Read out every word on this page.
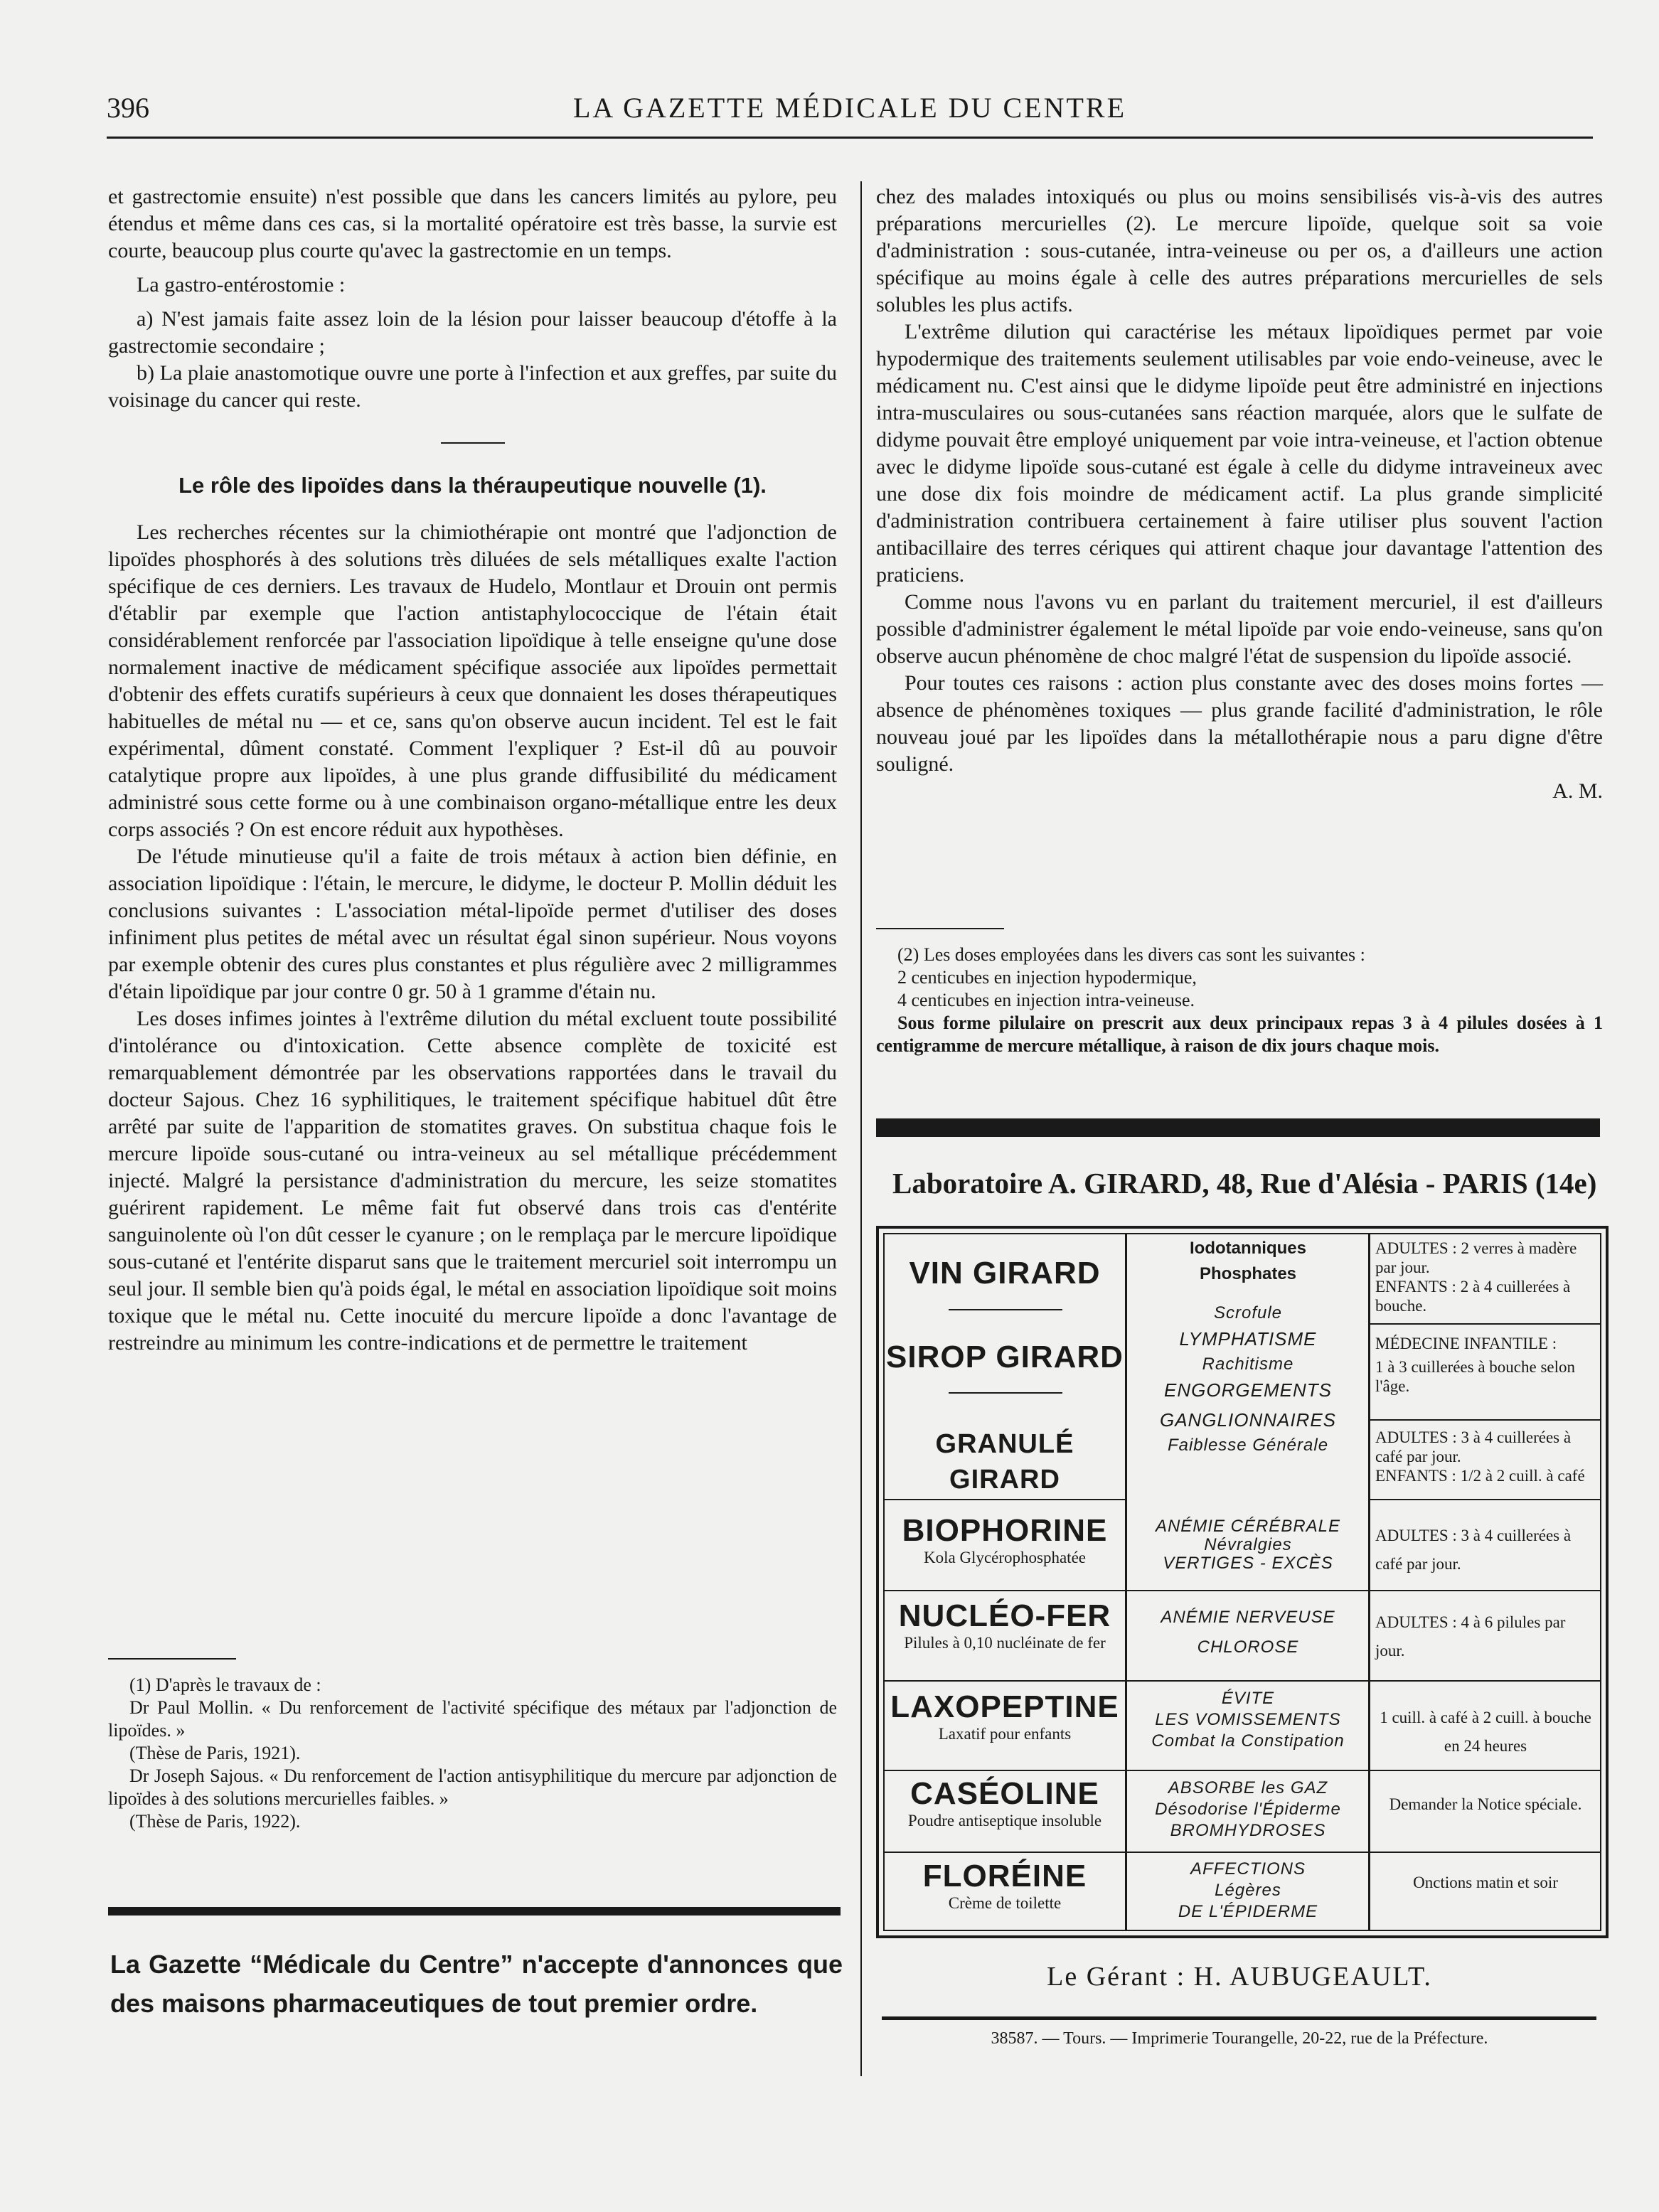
396	LA GAZETTE MÉDICALE DU CENTRE

et gastrectomie ensuite) n'est possible que dans les cancers limités au pylore, peu étendus et même dans ces cas, si la mortalité opératoire est très basse, la survie est courte, beaucoup plus courte qu'avec la gastrectomie en un temps.

La gastro-entérostomie :

a) N'est jamais faite assez loin de la lésion pour laisser beaucoup d'étoffe à la gastrectomie secondaire ;

b) La plaie anastomotique ouvre une porte à l'infection et aux greffes, par suite du voisinage du cancer qui reste.

Le rôle des lipoïdes dans la théraupeutique nouvelle (1).

Les recherches récentes sur la chimiothérapie ont montré que l'adjonction de lipoïdes phosphorés à des solutions très diluées de sels métalliques exalte l'action spécifique de ces derniers. Les travaux de Hudelo, Montlaur et Drouin ont permis d'établir par exemple que l'action antistaphylococcique de l'étain était considérablement renforcée par l'association lipoïdique à telle enseigne qu'une dose normalement inactive de médicament spécifique associée aux lipoïdes permettait d'obtenir des effets curatifs supérieurs à ceux que donnaient les doses thérapeutiques habituelles de métal nu — et ce, sans qu'on observe aucun incident. Tel est le fait expérimental, dûment constaté. Comment l'expliquer ? Est-il dû au pouvoir catalytique propre aux lipoïdes, à une plus grande diffusibilité du médicament administré sous cette forme ou à une combinaison organo-métallique entre les deux corps associés ? On est encore réduit aux hypothèses.

De l'étude minutieuse qu'il a faite de trois métaux à action bien définie, en association lipoïdique : l'étain, le mercure, le didyme, le docteur P. Mollin déduit les conclusions suivantes : L'association métal-lipoïde permet d'utiliser des doses infiniment plus petites de métal avec un résultat égal sinon supérieur. Nous voyons par exemple obtenir des cures plus constantes et plus régulière avec 2 milligrammes d'étain lipoïdique par jour contre 0 gr. 50 à 1 gramme d'étain nu.

Les doses infimes jointes à l'extrême dilution du métal excluent toute possibilité d'intolérance ou d'intoxication. Cette absence complète de toxicité est remarquablement démontrée par les observations rapportées dans le travail du docteur Sajous. Chez 16 syphilitiques, le traitement spécifique habituel dût être arrêté par suite de l'apparition de stomatites graves. On substitua chaque fois le mercure lipoïde sous-cutané ou intra-veineux au sel métallique précédemment injecté. Malgré la persistance d'administration du mercure, les seize stomatites guérirent rapidement. Le même fait fut observé dans trois cas d'entérite sanguinolente où l'on dût cesser le cyanure ; on le remplaça par le mercure lipoïdique sous-cutané et l'entérite disparut sans que le traitement mercuriel soit interrompu un seul jour. Il semble bien qu'à poids égal, le métal en association lipoïdique soit moins toxique que le métal nu. Cette inocuité du mercure lipoïde a donc l'avantage de restreindre au minimum les contre-indications et de permettre le traitement

(1) D'après le travaux de :

Dr Paul Mollin. « Du renforcement de l'activité spécifique des métaux par l'adjonction de lipoïdes. »

(Thèse de Paris, 1921).

Dr Joseph Sajous. « Du renforcement de l'action antisyphilitique du mercure par adjonction de lipoïdes à des solutions mercurielles faibles. »

(Thèse de Paris, 1922).

La Gazette “Médicale du Centre” n'accepte d'annonces que des maisons pharmaceutiques de tout premier ordre.

chez des malades intoxiqués ou plus ou moins sensibilisés vis-à-vis des autres préparations mercurielles (2). Le mercure lipoïde, quelque soit sa voie d'administration : sous-cutanée, intra-veineuse ou per os, a d'ailleurs une action spécifique au moins égale à celle des autres préparations mercurielles de sels solubles les plus actifs.

L'extrême dilution qui caractérise les métaux lipoïdiques permet par voie hypodermique des traitements seulement utilisables par voie endo-veineuse, avec le médicament nu. C'est ainsi que le didyme lipoïde peut être administré en injections intra-musculaires ou sous-cutanées sans réaction marquée, alors que le sulfate de didyme pouvait être employé uniquement par voie intra-veineuse, et l'action obtenue avec le didyme lipoïde sous-cutané est égale à celle du didyme intraveineux avec une dose dix fois moindre de médicament actif. La plus grande simplicité d'administration contribuera certainement à faire utiliser plus souvent l'action antibacillaire des terres cériques qui attirent chaque jour davantage l'attention des praticiens.

Comme nous l'avons vu en parlant du traitement mercuriel, il est d'ailleurs possible d'administrer également le métal lipoïde par voie endo-veineuse, sans qu'on observe aucun phénomène de choc malgré l'état de suspension du lipoïde associé.

Pour toutes ces raisons : action plus constante avec des doses moins fortes — absence de phénomènes toxiques — plus grande facilité d'administration, le rôle nouveau joué par les lipoïdes dans la métallothérapie nous a paru digne d'être souligné.

A. M.

(2) Les doses employées dans les divers cas sont les suivantes :

2 centicubes en injection hypodermique,

4 centicubes en injection intra-veineuse.

Sous forme pilulaire on prescrit aux deux principaux repas 3 à 4 pilules dosées à 1 centigramme de mercure métallique, à raison de dix jours chaque mois.

Laboratoire A. GIRARD, 48, Rue d'Alésia - PARIS (14e)
VIN GIRARD
SIROP GIRARD
GRANULÉ GIRARD
BIOPHORINE
Kola Glycérophosphatée
NUCLÉO-FER
Pilules à 0,10 nucléinate de fer
LAXOPEPTINE
Laxatif pour enfants
CASÉOLINE
Poudre antiseptique insoluble
FLORÉINE
Crème de toilette
Iodotanniques
Phosphates
Scrofule
LYMPHATISME
Rachitisme
ENGORGEMENTS
GANGLIONNAIRES
Faiblesse Générale
ANÉMIE CÉRÉBRALE
Névralgies
VERTIGES - EXCÈS
ANÉMIE NERVEUSE
CHLOROSE
ÉVITE
LES VOMISSEMENTS
Combat la Constipation
ABSORBE les GAZ
Désodorise l'Épiderme
BROMHYDROSES
AFFECTIONS
Légères
DE L'ÉPIDERME
ADULTES : 2 verres à madère par jour.
ENFANTS : 2 à 4 cuillerées à bouche.
MÉDECINE INFANTILE :
1 à 3 cuillerées à bouche selon l'âge.
ADULTES : 3 à 4 cuillerées à café par jour.
ENFANTS : 1/2 à 2 cuill. à café
ADULTES : 3 à 4 cuillerées à café par jour.
ADULTES : 4 à 6 pilules par jour.
1 cuill. à café à 2 cuill. à bouche en 24 heures
Demander la Notice spéciale.
Onctions matin et soir
Le Gérant : H. AUBUGEAULT.
38587. — Tours. — Imprimerie Tourangelle, 20-22, rue de la Préfecture.
